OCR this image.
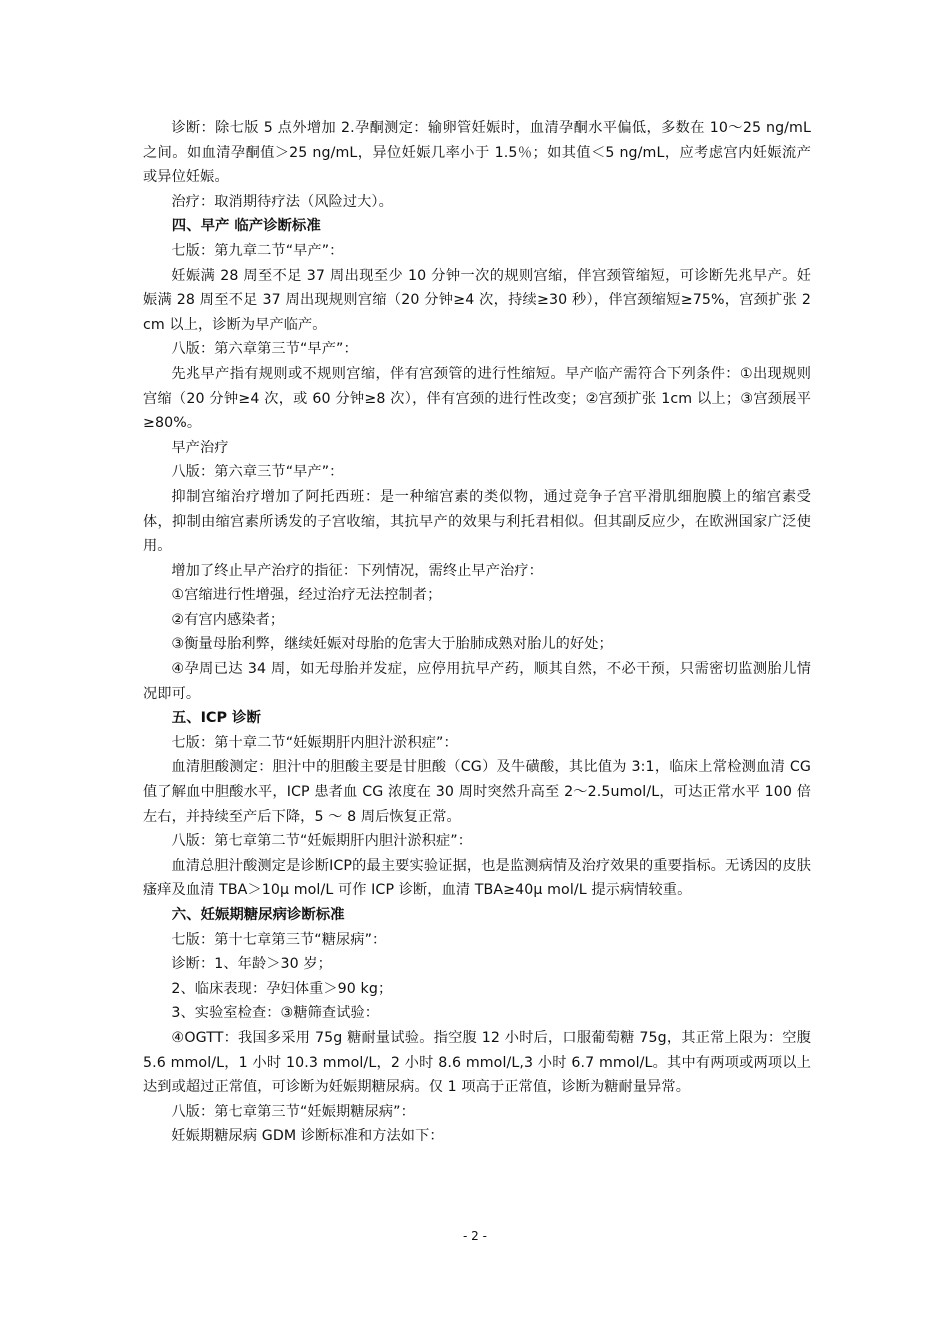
诊断：除七版 5 点外增加 2.孕酮测定：输卵管妊娠时，血清孕酮水平偏低，多数在 10～25 ng/mL 之间。如血清孕酮值＞25 ng/mL，异位妊娠几率小于 1.5％；如其值＜5 ng/mL，应考虑宫内妊娠流产或异位妊娠。

治疗：取消期待疗法（风险过大）。

四、早产 临产诊断标准

七版：第九章二节“早产”：

妊娠满 28 周至不足 37 周出现至少 10 分钟一次的规则宫缩，伴宫颈管缩短，可诊断先兆早产。妊娠满 28 周至不足 37 周出现规则宫缩（20 分钟≥4 次，持续≥30 秒），伴宫颈缩短≥75%，宫颈扩张 2 cm 以上，诊断为早产临产。

八版：第六章第三节“早产”：

先兆早产指有规则或不规则宫缩，伴有宫颈管的进行性缩短。早产临产需符合下列条件：①出现规则宫缩（20 分钟≥4 次，或 60 分钟≥8 次），伴有宫颈的进行性改变；②宫颈扩张 1cm 以上；③宫颈展平≥80%。

早产治疗

八版：第六章三节“早产”：

抑制宫缩治疗增加了阿托西班：是一种缩宫素的类似物，通过竞争子宫平滑肌细胞膜上的缩宫素受体，抑制由缩宫素所诱发的子宫收缩，其抗早产的效果与利托君相似。但其副反应少，在欧洲国家广泛使用。

增加了终止早产治疗的指征：下列情况，需终止早产治疗：

①宫缩进行性增强，经过治疗无法控制者；

②有宫内感染者；

③衡量母胎利弊，继续妊娠对母胎的危害大于胎肺成熟对胎儿的好处；

④孕周已达 34 周，如无母胎并发症，应停用抗早产药，顺其自然，不必干预，只需密切监测胎儿情况即可。

五、ICP 诊断

七版：第十章二节“妊娠期肝内胆汁淤积症”：

血清胆酸测定：胆汁中的胆酸主要是甘胆酸（CG）及牛磺酸，其比值为 3:1，临床上常检测血清 CG 值了解血中胆酸水平，ICP 患者血 CG 浓度在 30 周时突然升高至 2～2.5umol/L，可达正常水平 100 倍左右，并持续至产后下降，5 ～ 8 周后恢复正常。

八版：第七章第二节“妊娠期肝内胆汁淤积症”：

血清总胆汁酸测定是诊断ICP的最主要实验证据，也是监测病情及治疗效果的重要指标。无诱因的皮肤瘙痒及血清 TBA＞10μ mol/L 可作 ICP 诊断，血清 TBA≥40μ mol/L 提示病情较重。

六、妊娠期糖尿病诊断标准

七版：第十七章第三节“糖尿病”：

诊断：1、年龄＞30 岁；

2、临床表现：孕妇体重＞90 kg；

3、实验室检查：③糖筛查试验：

④OGTT：我国多采用 75g 糖耐量试验。指空腹 12 小时后，口服葡萄糖 75g，其正常上限为：空腹 5.6 mmol/L，1 小时 10.3 mmol/L，2 小时 8.6 mmol/L,3 小时 6.7 mmol/L。其中有两项或两项以上达到或超过正常值，可诊断为妊娠期糖尿病。仅 1 项高于正常值，诊断为糖耐量异常。

八版：第七章第三节“妊娠期糖尿病”：

妊娠期糖尿病 GDM 诊断标准和方法如下：

- 2 -
